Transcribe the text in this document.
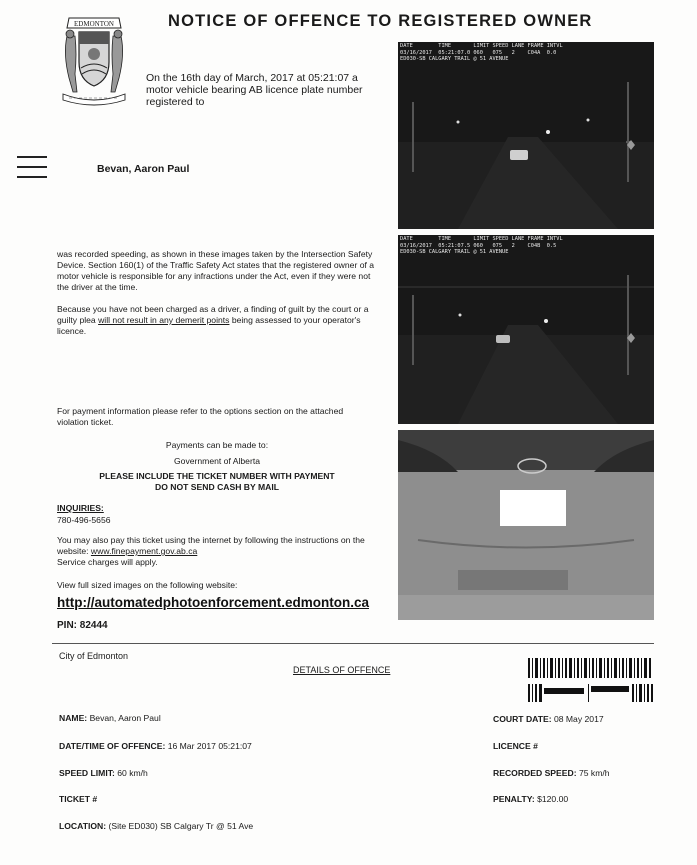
NOTICE OF OFFENCE TO REGISTERED OWNER
EDMONTON
On the 16th day of March, 2017 at 05:21:07 a motor vehicle bearing AB licence plate number registered to
Bevan, Aaron Paul
was recorded speeding, as shown in these images taken by the Intersection Safety Device. Section 160(1) of the Traffic Safety Act states that the registered owner of a motor vehicle is responsible for any infractions under the Act, even if they were not the driver at the time.
Because you have not been charged as a driver, a finding of guilt by the court or a guilty plea will not result in any demerit points being assessed to your operator's licence.
For payment information please refer to the options section on the attached violation ticket.
Payments can be made to:
Government of Alberta
PLEASE INCLUDE THE TICKET NUMBER WITH PAYMENT
DO NOT SEND CASH BY MAIL
INQUIRIES:
780-496-5656
You may also pay this ticket using the internet by following the instructions on the website: www.finepayment.gov.ab.ca
Service charges will apply.
View full sized images on the following website:
http://automatedphotoenforcement.edmonton.ca
PIN: 82444
DATE        TIME       LIMIT SPEED LANE FRAME INTVL
03/16/2017  05:21:07.0 060   075   2    C04A  0.0
ED030-SB CALGARY TRAIL @ 51 AVENUE
DATE        TIME       LIMIT SPEED LANE FRAME INTVL
03/16/2017  05:21:07.5 060   075   2    C04B  0.5
ED030-SB CALGARY TRAIL @ 51 AVENUE
City of Edmonton
DETAILS OF OFFENCE
NAME: Bevan, Aaron Paul
DATE/TIME OF OFFENCE: 16 Mar 2017 05:21:07
SPEED LIMIT: 60 km/h
TICKET #
LOCATION: (Site ED030) SB Calgary Tr @ 51 Ave
COURT DATE: 08 May 2017
LICENCE #
RECORDED SPEED: 75 km/h
PENALTY: $120.00
